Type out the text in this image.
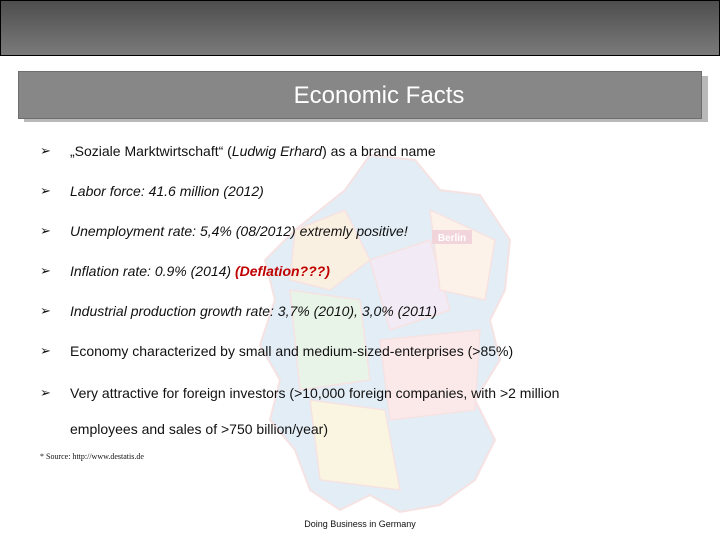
Economic Facts
Berlin
➢	„Soziale Marktwirtschaft“ (Ludwig Erhard) as a brand name
➢	Labor force: 41.6 million (2012)
➢	Unemployment rate: 5,4% (08/2012) extremly positive!
➢	Inflation rate: 0.9% (2014) (Deflation???)
➢	Industrial production growth rate: 3,7% (2010), 3,0% (2011)
➢	Economy characterized by small and medium-sized-enterprises (>85%)
➢	Very attractive for foreign investors (>10,000 foreign companies, with >2 million
employees and sales of >750 billion/year)
* Source: http://www.destatis.de
Doing Business in Germany
